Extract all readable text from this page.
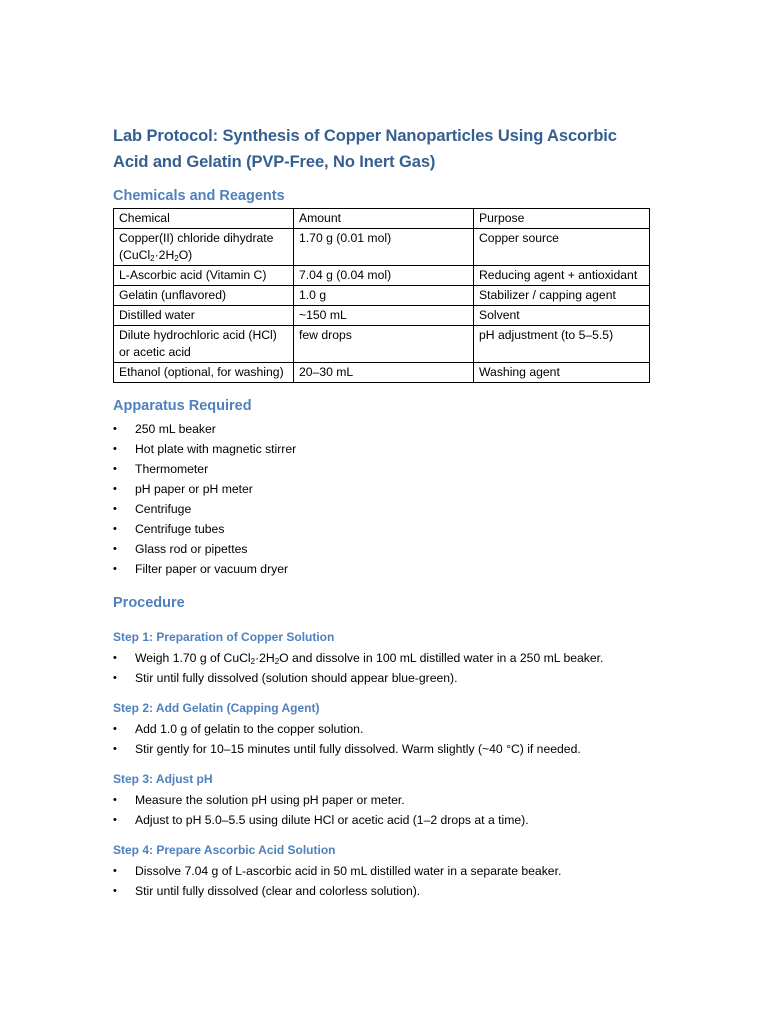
Lab Protocol: Synthesis of Copper Nanoparticles Using Ascorbic Acid and Gelatin (PVP-Free, No Inert Gas)
Chemicals and Reagents
Chemical	Amount	Purpose
Copper(II) chloride dihydrate
$(CuCl_2\cdot 2H_2O)$	1.70 g (0.01 mol)	Copper source
L-Ascorbic acid (Vitamin C)	7.04 g (0.04 mol)	Reducing agent + antioxidant
Gelatin (unflavored)	1.0 g	Stabilizer / capping agent
Distilled water	~150 mL	Solvent
Dilute hydrochloric acid (HCl) or acetic acid	few drops	pH adjustment (to 5–5.5)
Ethanol (optional, for washing)	20–30 mL	Washing agent
Apparatus Required
• 250 mL beaker
• Hot plate with magnetic stirrer
• Thermometer
• pH paper or pH meter
• Centrifuge
• Centrifuge tubes
• Glass rod or pipettes
• Filter paper or vacuum dryer
Procedure
Step 1: Preparation of Copper Solution
• Weigh 1.70 g of $CuCl_2\cdot 2H_2O$ and dissolve in 100 mL distilled water in a 250 mL beaker.
• Stir until fully dissolved (solution should appear blue-green).
Step 2: Add Gelatin (Capping Agent)
• Add 1.0 g of gelatin to the copper solution.
• Stir gently for 10–15 minutes until fully dissolved. Warm slightly (~40 °C) if needed.
Step 3: Adjust pH
• Measure the solution pH using pH paper or meter.
• Adjust to pH 5.0–5.5 using dilute HCl or acetic acid (1–2 drops at a time).
Step 4: Prepare Ascorbic Acid Solution
• Dissolve 7.04 g of L-ascorbic acid in 50 mL distilled water in a separate beaker.
• Stir until fully dissolved (clear and colorless solution).
